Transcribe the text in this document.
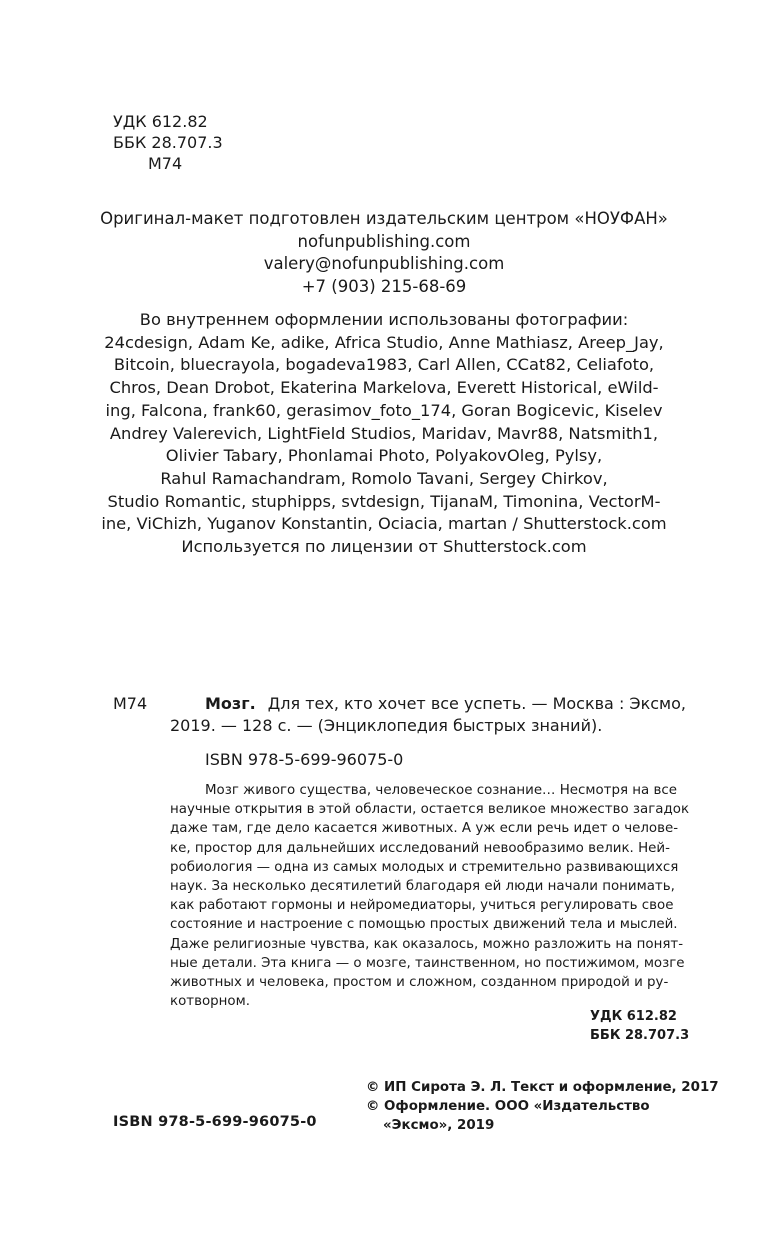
УДК 612.82
ББК 28.707.3
М74
Оригинал-макет подготовлен издательским центром «НОУФАН»
nofunpublishing.com
valery@nofunpublishing.com
+7 (903) 215-68-69
Во внутреннем оформлении использованы фотографии:
24cdesign, Adam Ke, adike, Africa Studio, Anne Mathiasz, Areep_Jay,
Bitcoin, bluecrayola, bogadeva1983, Carl Allen, CCat82, Celiafoto,
Chros, Dean Drobot, Ekaterina Markelova, Everett Historical, eWild-
ing, Falcona, frank60, gerasimov_foto_174, Goran Bogicevic, Kiselev
Andrey Valerevich, LightField Studios, Maridav, Mavr88, Natsmith1,
Olivier Tabary, Phonlamai Photo, PolyakovOleg, Pylsy,
Rahul Ramachandram, Romolo Tavani, Sergey Chirkov,
Studio Romantic, stuphipps, svtdesign, TijanaM, Timonina, VectorM-
ine, ViChizh, Yuganov Konstantin, Ociacia, martan / Shutterstock.com
Используется по лицензии от Shutterstock.com
М74	Мозг. Для тех, кто хочет все успеть. — Москва : Эксмо,
2019. — 128 с. — (Энциклопедия быстрых знаний).
ISBN 978-5-699-96075-0
Мозг живого существа, человеческое сознание… Несмотря на все
научные открытия в этой области, остается великое множество загадок
даже там, где дело касается животных. А уж если речь идет о челове-
ке, простор для дальнейших исследований невообразимо велик. Ней-
робиология — одна из самых молодых и стремительно развивающихся
наук. За несколько десятилетий благодаря ей люди начали понимать,
как работают гормоны и нейромедиаторы, учиться регулировать свое
состояние и настроение с помощью простых движений тела и мыслей.
Даже религиозные чувства, как оказалось, можно разложить на понят-
ные детали. Эта книга — о мозге, таинственном, но постижимом, мозге
животных и человека, простом и сложном, созданном природой и ру-
котворном.
УДК 612.82
ББК 28.707.3
© ИП Сирота Э. Л. Текст и оформление, 2017
© Оформление. ООО «Издательство
«Эксмо», 2019
ISBN 978-5-699-96075-0
